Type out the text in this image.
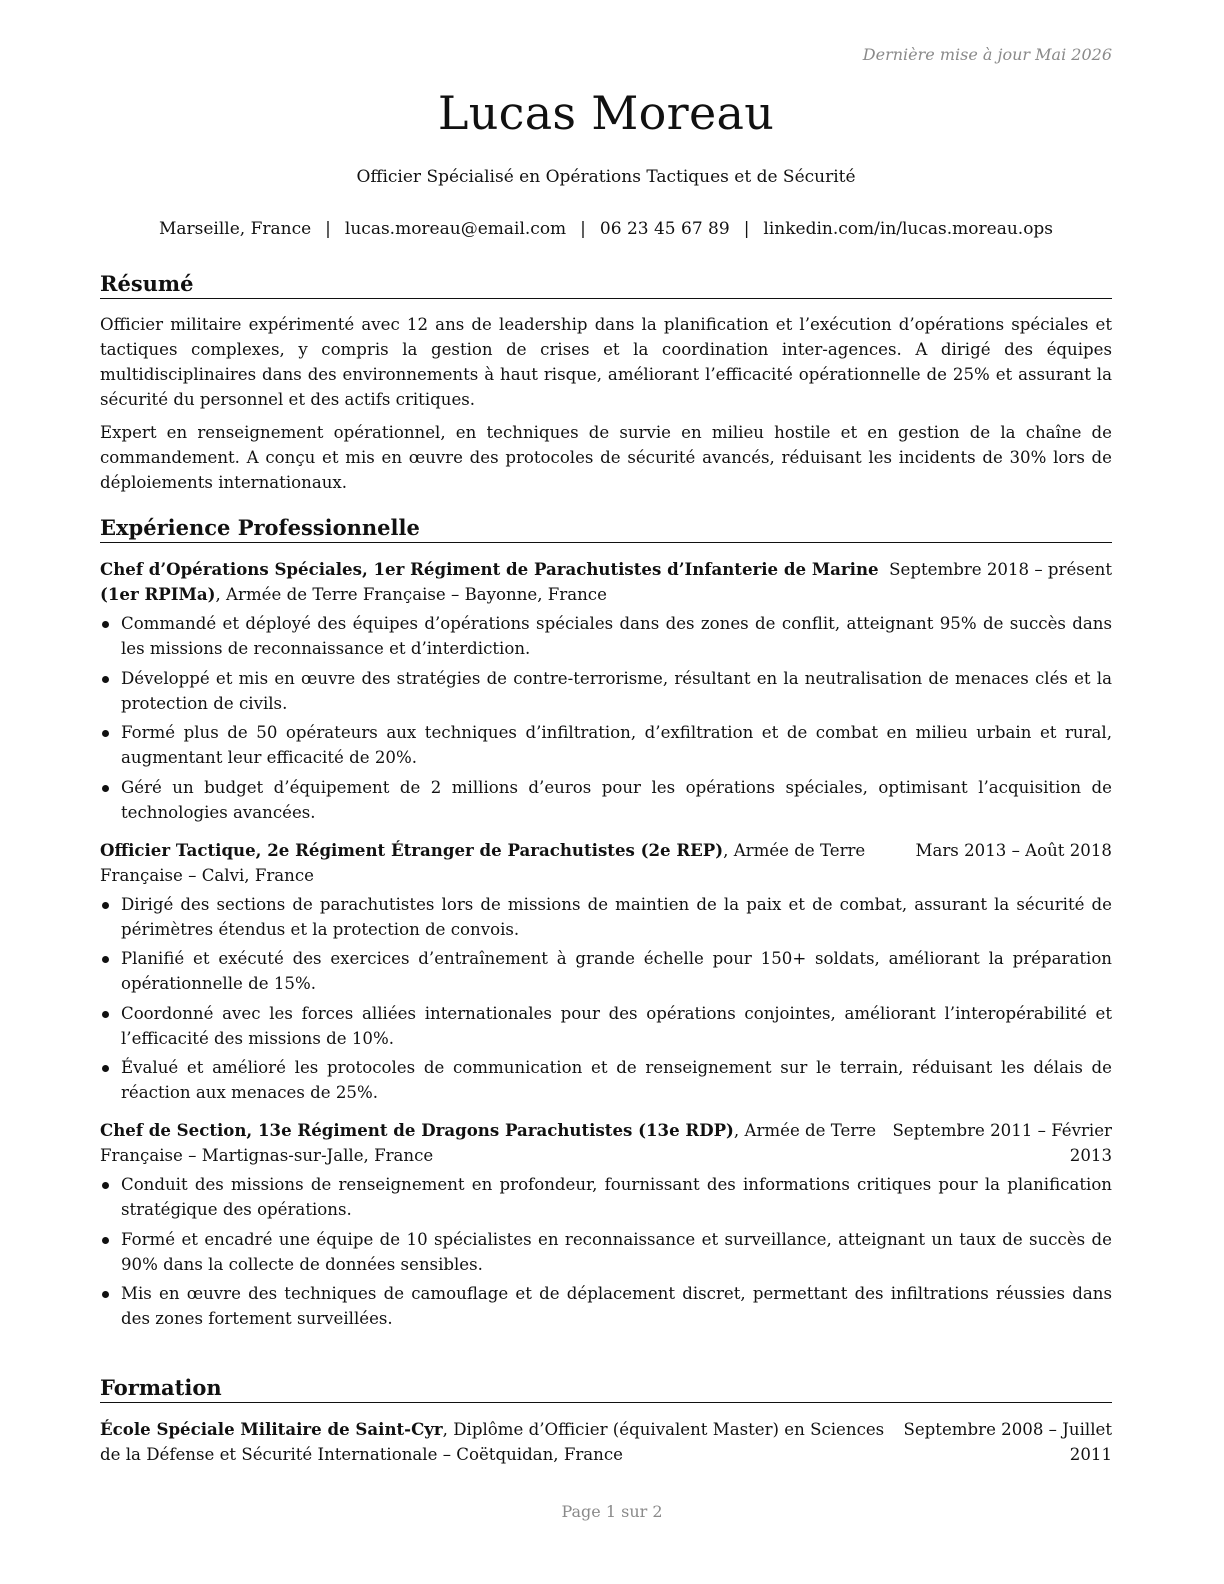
Dernière mise à jour Mai 2026
Lucas Moreau
Officier Spécialisé en Opérations Tactiques et de Sécurité
Marseille, France | lucas.moreau@email.com | 06 23 45 67 89 | linkedin.com/in/lucas.moreau.ops
Résumé

Officier militaire expérimenté avec 12 ans de leadership dans la planification et l’exécution d’opérations spéciales et tactiques complexes, y compris la gestion de crises et la coordination inter-agences. A dirigé des équipes multidisciplinaires dans des environnements à haut risque, améliorant l’efficacité opérationnelle de 25% et assurant la sécurité du personnel et des actifs critiques.

Expert en renseignement opérationnel, en techniques de survie en milieu hostile et en gestion de la chaîne de commandement. A conçu et mis en œuvre des protocoles de sécurité avancés, réduisant les incidents de 30% lors de déploiements internationaux.

Expérience Professionnelle
Chef d’Opérations Spéciales, 1er Régiment de Parachutistes d’Infanterie de Marine Septembre 2018 – présent
(1er RPIMa), Armée de Terre Française – Bayonne, France
Commandé et déployé des équipes d’opérations spéciales dans des zones de conflit, atteignant 95% de succès dans les missions de reconnaissance et d’interdiction.
Développé et mis en œuvre des stratégies de contre-terrorisme, résultant en la neutralisation de menaces clés et la protection de civils.
Formé plus de 50 opérateurs aux techniques d’infiltration, d’exfiltration et de combat en milieu urbain et rural, augmentant leur efficacité de 20%.
Géré un budget d’équipement de 2 millions d’euros pour les opérations spéciales, optimisant l’acquisition de technologies avancées.
Officier Tactique, 2e Régiment Étranger de Parachutistes (2e REP), Armée de Terre	Mars 2013 – Août 2018
Française – Calvi, France
Dirigé des sections de parachutistes lors de missions de maintien de la paix et de combat, assurant la sécurité de périmètres étendus et la protection de convois.
Planifié et exécuté des exercices d’entraînement à grande échelle pour 150+ soldats, améliorant la préparation opérationnelle de 15%.
Coordonné avec les forces alliées internationales pour des opérations conjointes, améliorant l’interopérabilité et l’efficacité des missions de 10%.
Évalué et amélioré les protocoles de communication et de renseignement sur le terrain, réduisant les délais de réaction aux menaces de 25%.
Chef de Section, 13e Régiment de Dragons Parachutistes (13e RDP), Armée de Terre Septembre 2011 – Février
Française – Martignas-sur-Jalle, France	2013
Conduit des missions de renseignement en profondeur, fournissant des informations critiques pour la planification stratégique des opérations.
Formé et encadré une équipe de 10 spécialistes en reconnaissance et surveillance, atteignant un taux de succès de 90% dans la collecte de données sensibles.
Mis en œuvre des techniques de camouflage et de déplacement discret, permettant des infiltrations réussies dans des zones fortement surveillées.
Formation
École Spéciale Militaire de Saint-Cyr, Diplôme d’Officier (équivalent Master) en Sciences	Septembre 2008 – Juillet
de la Défense et Sécurité Internationale – Coëtquidan, France	2011
Page 1 sur 2
